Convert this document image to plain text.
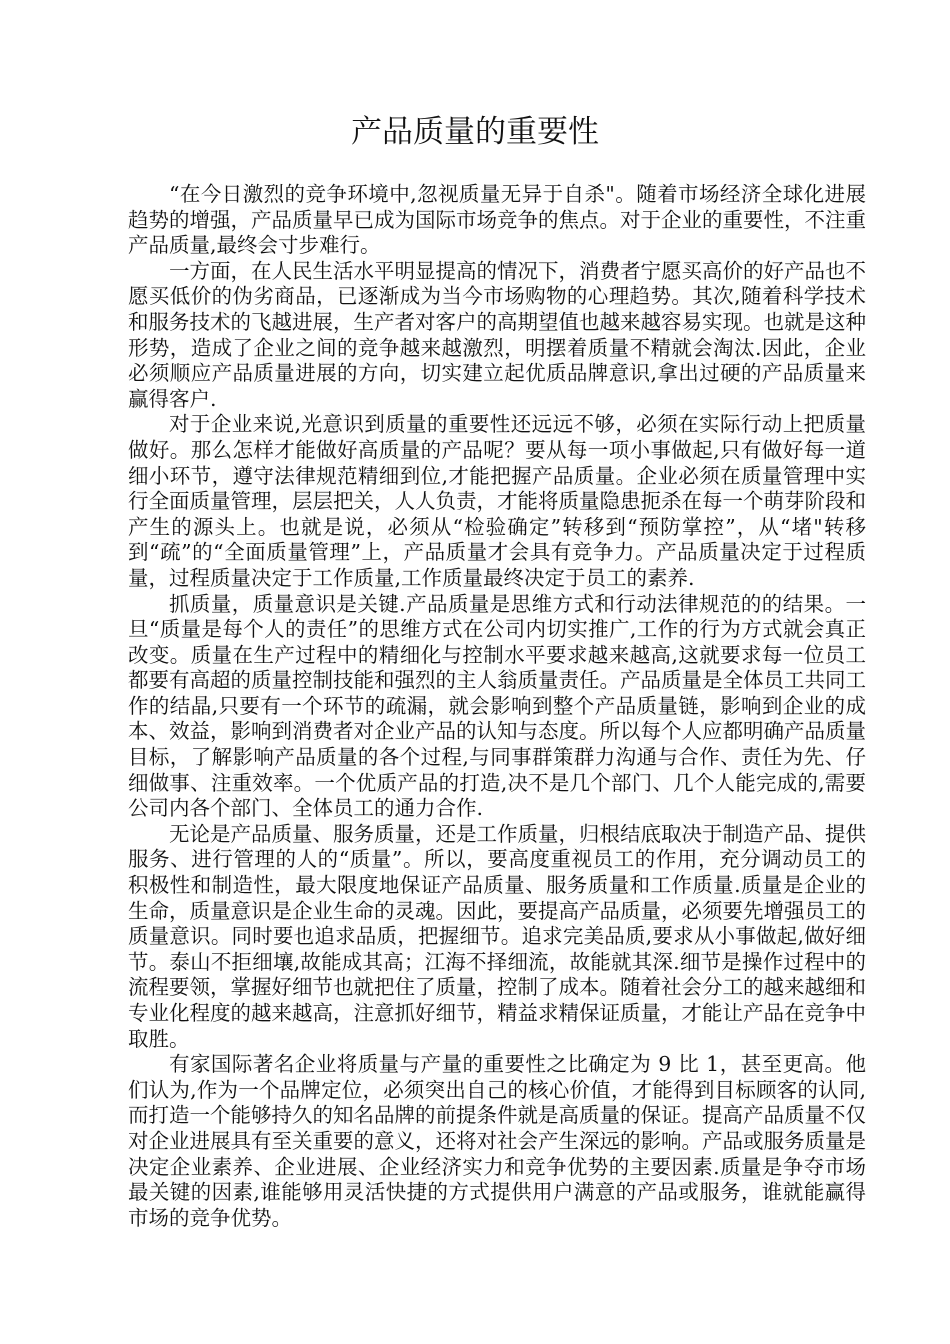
产品质量的重要性

“在今日激烈的竞争环境中,忽视质量无异于自杀"。随着市场经济全球化进展趋势的增强，产品质量早已成为国际市场竞争的焦点。对于企业的重要性，不注重产品质量,最终会寸步难行。

一方面，在人民生活水平明显提高的情况下，消费者宁愿买高价的好产品也不愿买低价的伪劣商品，已逐渐成为当今市场购物的心理趋势。其次,随着科学技术和服务技术的飞越进展，生产者对客户的高期望值也越来越容易实现。也就是这种形势，造成了企业之间的竞争越来越激烈，明摆着质量不精就会淘汰.因此，企业必须顺应产品质量进展的方向，切实建立起优质品牌意识,拿出过硬的产品质量来赢得客户.

对于企业来说,光意识到质量的重要性还远远不够，必须在实际行动上把质量做好。那么怎样才能做好高质量的产品呢？要从每一项小事做起,只有做好每一道细小环节，遵守法律规范精细到位,才能把握产品质量。企业必须在质量管理中实行全面质量管理，层层把关，人人负责，才能将质量隐患扼杀在每一个萌芽阶段和产生的源头上。也就是说，必须从“检验确定”转移到“预防掌控”，从“堵"转移到“疏”的“全面质量管理”上，产品质量才会具有竞争力。产品质量决定于过程质量，过程质量决定于工作质量,工作质量最终决定于员工的素养.

抓质量，质量意识是关键.产品质量是思维方式和行动法律规范的的结果。一旦“质量是每个人的责任”的思维方式在公司内切实推广,工作的行为方式就会真正改变。质量在生产过程中的精细化与控制水平要求越来越高,这就要求每一位员工都要有高超的质量控制技能和强烈的主人翁质量责任。产品质量是全体员工共同工作的结晶,只要有一个环节的疏漏，就会影响到整个产品质量链，影响到企业的成本、效益，影响到消费者对企业产品的认知与态度。所以每个人应都明确产品质量目标，了解影响产品质量的各个过程,与同事群策群力沟通与合作、责任为先、仔细做事、注重效率。一个优质产品的打造,决不是几个部门、几个人能完成的,需要公司内各个部门、全体员工的通力合作.

无论是产品质量、服务质量，还是工作质量，归根结底取决于制造产品、提供服务、进行管理的人的“质量”。所以，要高度重视员工的作用，充分调动员工的积极性和制造性，最大限度地保证产品质量、服务质量和工作质量.质量是企业的生命，质量意识是企业生命的灵魂。因此，要提高产品质量，必须要先增强员工的质量意识。同时要也追求品质，把握细节。追求完美品质,要求从小事做起,做好细节。泰山不拒细壤,故能成其高；江海不择细流，故能就其深.细节是操作过程中的流程要领，掌握好细节也就把住了质量，控制了成本。随着社会分工的越来越细和专业化程度的越来越高，注意抓好细节，精益求精保证质量，才能让产品在竞争中取胜。

有家国际著名企业将质量与产量的重要性之比确定为 9 比 1，甚至更高。他们认为,作为一个品牌定位，必须突出自己的核心价值，才能得到目标顾客的认同,而打造一个能够持久的知名品牌的前提条件就是高质量的保证。提高产品质量不仅对企业进展具有至关重要的意义，还将对社会产生深远的影响。产品或服务质量是决定企业素养、企业进展、企业经济实力和竞争优势的主要因素.质量是争夺市场最关键的因素,谁能够用灵活快捷的方式提供用户满意的产品或服务，谁就能赢得市场的竞争优势。
